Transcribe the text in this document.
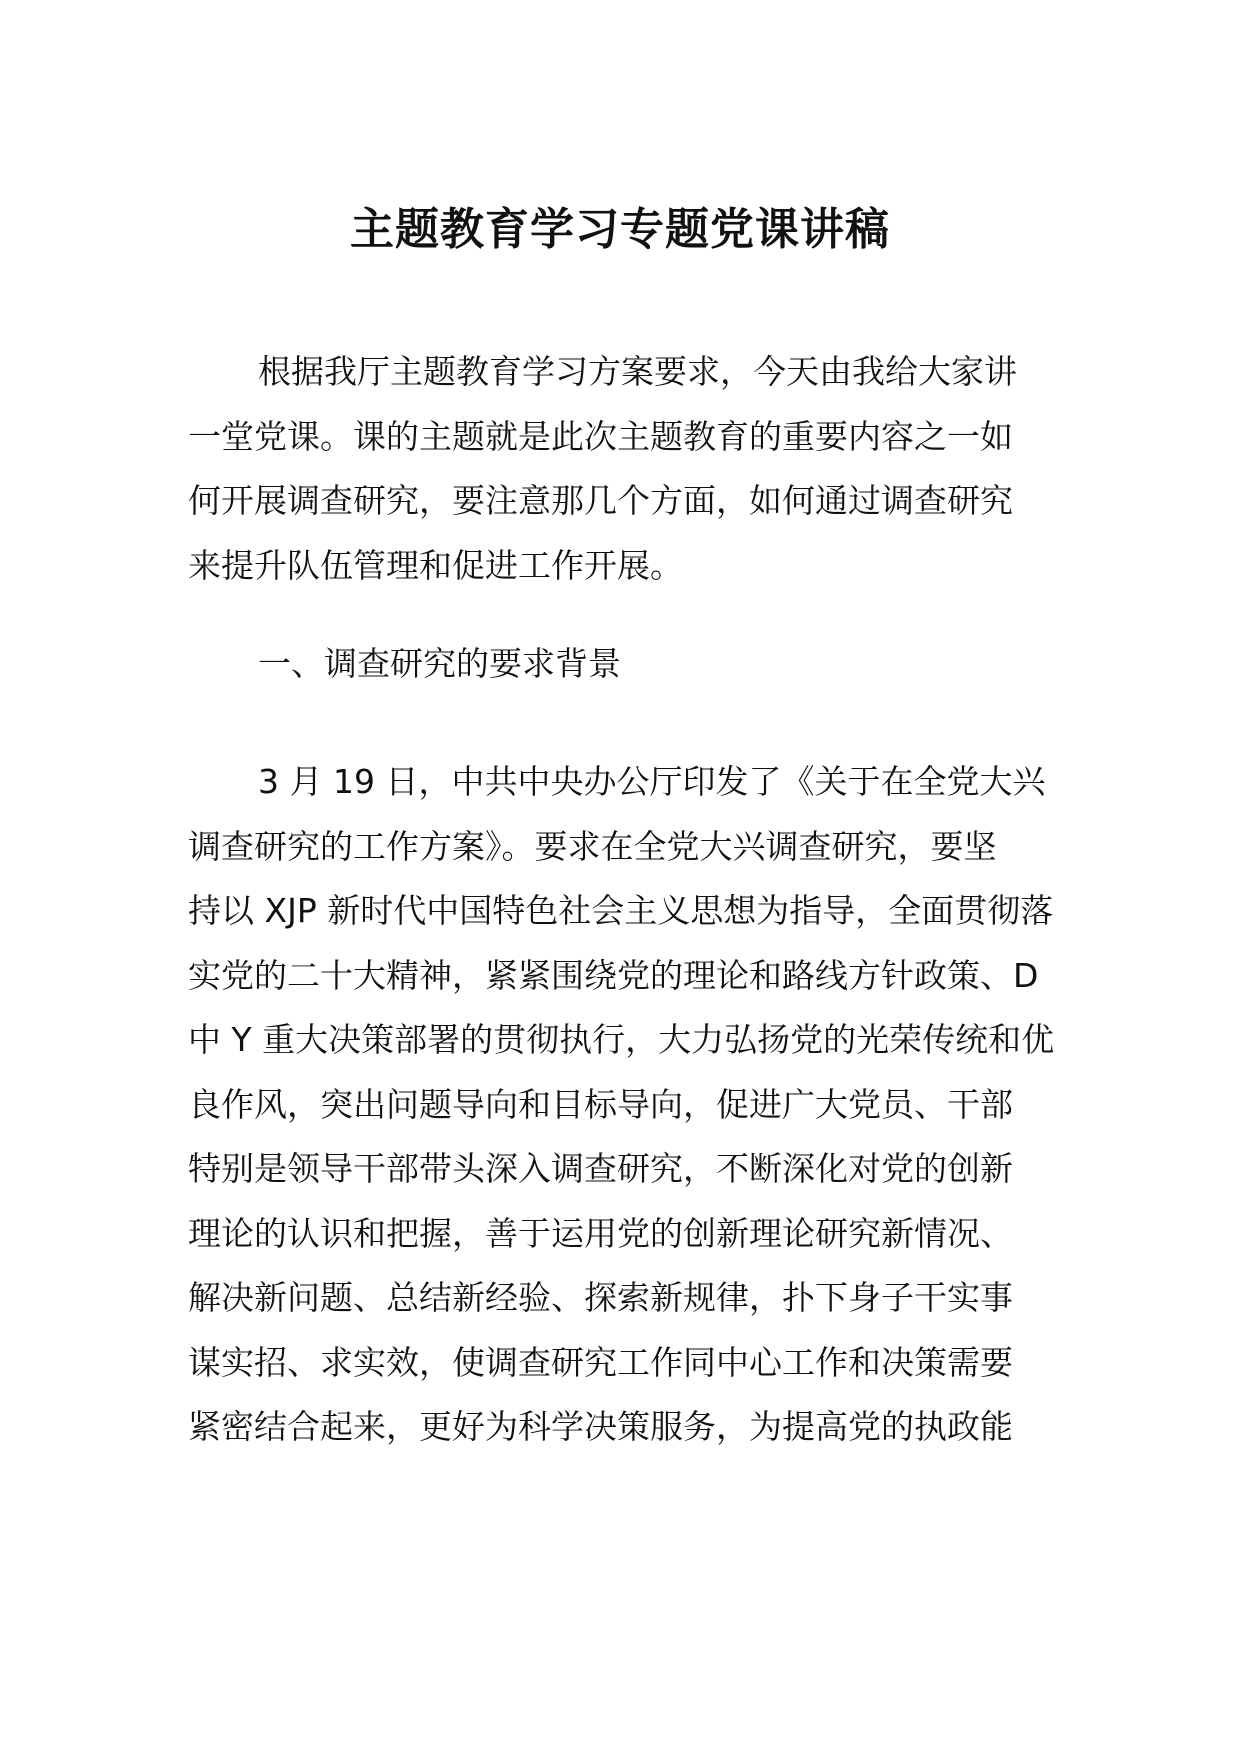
主题教育学习专题党课讲稿
根据我厅主题教育学习方案要求，今天由我给大家讲
一堂党课。课的主题就是此次主题教育的重要内容之一如
何开展调查研究，要注意那几个方面，如何通过调查研究
来提升队伍管理和促进工作开展。
一、调查研究的要求背景
3 月 19 日，中共中央办公厅印发了《关于在全党大兴
调查研究的工作方案》。要求在全党大兴调查研究，要坚
持以 XJP 新时代中国特色社会主义思想为指导，全面贯彻落
实党的二十大精神，紧紧围绕党的理论和路线方针政策、D
中 Y 重大决策部署的贯彻执行，大力弘扬党的光荣传统和优
良作风，突出问题导向和目标导向，促进广大党员、干部
特别是领导干部带头深入调查研究，不断深化对党的创新
理论的认识和把握，善于运用党的创新理论研究新情况、
解决新问题、总结新经验、探索新规律，扑下身子干实事
谋实招、求实效，使调查研究工作同中心工作和决策需要
紧密结合起来，更好为科学决策服务，为提高党的执政能
